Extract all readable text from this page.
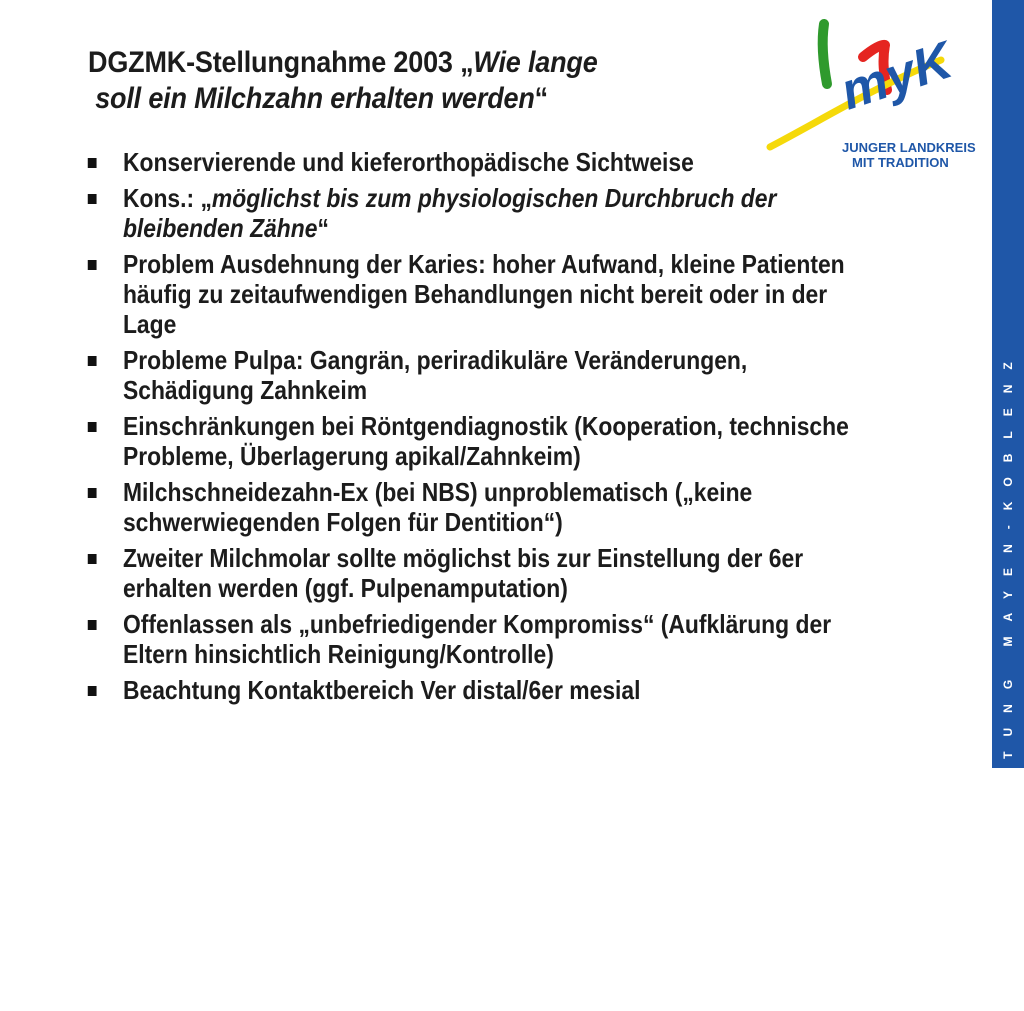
DGZMK-Stellungnahme 2003 „Wie lange
soll ein Milchzahn erhalten werden“
Konservierende und kieferorthopädische Sichtweise
Kons.: „möglichst bis zum physiologischen Durchbruch der
bleibenden Zähne“
Problem Ausdehnung der Karies: hoher Aufwand, kleine Patienten
häufig zu zeitaufwendigen Behandlungen nicht bereit oder in der
Lage
Probleme Pulpa: Gangrän, periradikuläre Veränderungen,
Schädigung Zahnkeim
Einschränkungen bei Röntgendiagnostik (Kooperation, technische
Probleme, Überlagerung apikal/Zahnkeim)
Milchschneidezahn-Ex (bei NBS) unproblematisch („keine
schwerwiegenden Folgen für Dentition“)
Zweiter Milchmolar sollte möglichst bis zur Einstellung der 6er
erhalten werden (ggf. Pulpenamputation)
Offenlassen als „unbefriedigender Kompromiss“ (Aufklärung der
Eltern hinsichtlich Reinigung/Kontrolle)
Beachtung Kontaktbereich Ver distal/6er mesial
myK
JUNGER LANDKREIS
MIT TRADITION
KREISVERWALTUNG MAYEN-KOBLENZ
